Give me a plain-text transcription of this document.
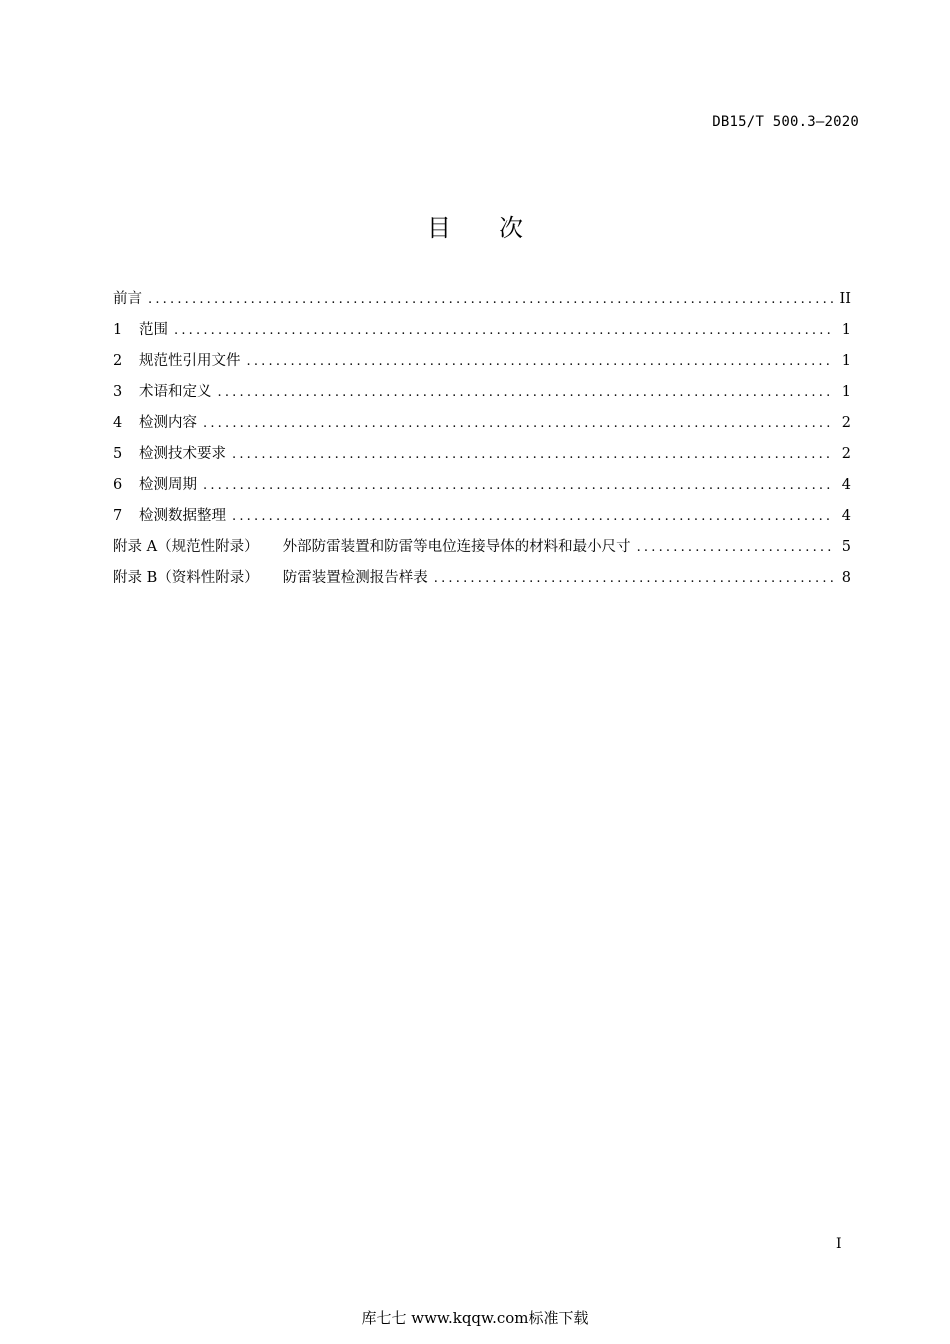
DB15/T 500.3—2020
目 次
前言 .....	II
1	范围 .....	1
2	规范性引用文件 .....	1
3	术语和定义 .....	1
4	检测内容 .....	2
5	检测技术要求 .....	2
6	检测周期 .....	4
7	检测数据整理 .....	4
附录 A（规范性附录） 外部防雷装置和防雷等电位连接导体的材料和最小尺寸 .....	5
附录 B（资料性附录） 防雷装置检测报告样表 .....	8
I
库七七 www.kqqw.com标准下载
